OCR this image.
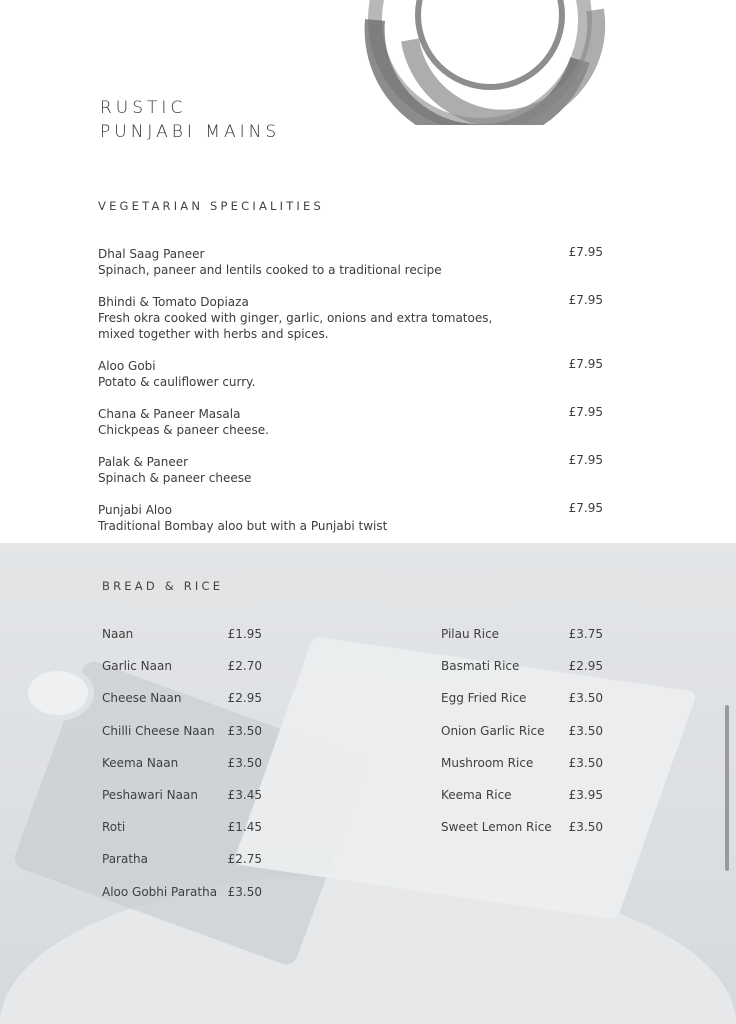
RUSTIC
PUNJABI MAINS
VEGETARIAN SPECIALITIES
Dhal Saag Paneer
Spinach, paneer and lentils cooked to a traditional recipe
£7.95
Bhindi & Tomato Dopiaza
Fresh okra cooked with ginger, garlic, onions and extra tomatoes, mixed together with herbs and spices.
£7.95
Aloo Gobi
Potato & cauliflower curry.
£7.95
Chana & Paneer Masala
Chickpeas & paneer cheese.
£7.95
Palak & Paneer
Spinach & paneer cheese
£7.95
Punjabi Aloo
Traditional Bombay aloo but with a Punjabi twist
£7.95
BREAD & RICE
Naan	£1.95
Garlic Naan	£2.70
Cheese Naan	£2.95
Chilli Cheese Naan £3.50
Keema Naan	£3.50
Peshawari Naan £3.45
Roti	£1.45
Paratha	£2.75
Aloo Gobhi Paratha £3.50
Pilau Rice	£3.75
Basmati Rice	£2.95
Egg Fried Rice	£3.50
Onion Garlic Rice £3.50
Mushroom Rice	£3.50
Keema Rice	£3.95
Sweet Lemon Rice £3.50
